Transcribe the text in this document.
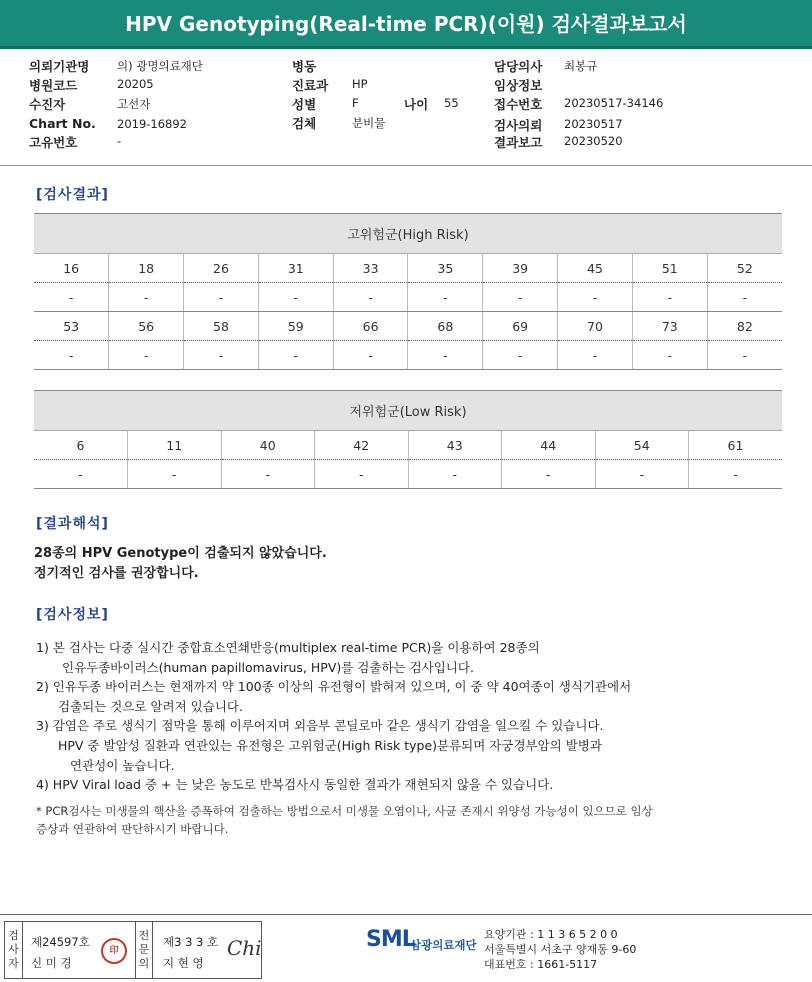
HPV Genotyping(Real-time PCR)(이원) 검사결과보고서
의뢰기관명 의) 광명의료재단
병원코드	20205
수진자	고선자
Chart No. 2019-16892
고유번호	-
병동
진료과 HP
성별	F	나이 55
검체	분비물
담당의사 최봉규
임상정보
접수번호 20230517-34146
검사의뢰 20230517
결과보고 20230520
[검사결과]
고위험군(High Risk)									
16	18	26	31	33	35	39	45	51	52
-	-	-	-	-	-	-	-	-	-
53	56	58	59	66	68	69	70	73	82
-	-	-	-	-	-	-	-	-	-
저위험군(Low Risk)							
6	11	40	42	43	44	54	61
-	-	-	-	-	-	-	-
[결과해석]
28종의 HPV Genotype이 검출되지 않았습니다.
정기적인 검사를 권장합니다.
[검사정보]
1) 본 검사는 다중 실시간 중합효소연쇄반응(multiplex real-time PCR)을 이용하여 28종의
인유두종바이러스(human papillomavirus, HPV)를 검출하는 검사입니다.
2) 인유두종 바이러스는 현재까지 약 100종 이상의 유전형이 밝혀져 있으며, 이 중 약 40여종이 생식기관에서
검출되는 것으로 알려져 있습니다.
3) 감염은 주로 생식기 점막을 통해 이루어지며 외음부 콘딜로마 같은 생식기 감염을 일으킬 수 있습니다.
HPV 중 발암성 질환과 연관있는 유전형은 고위험군(High Risk type)분류되며 자궁경부암의 발병과
연관성이 높습니다.
4) HPV Viral load 중 + 는 낮은 농도로 반복검사시 동일한 결과가 재현되지 않을 수 있습니다.
* PCR검사는 미생물의 핵산을 증폭하여 검출하는 방법으로서 미생물 오염이나, 사균 존재시 위양성 가능성이 있으므로 임상
증상과 연관하여 판단하시기 바랍니다.
검사자
제24597호
신 미 경
印
전문의
제3 3 3 호
지 현 영
Chi	SML
삼광의료재단
요양기관 : 1 1 3 6 5 2 0 0
서울특별시 서초구 양재동 9-60
대표번호 : 1661-5117
